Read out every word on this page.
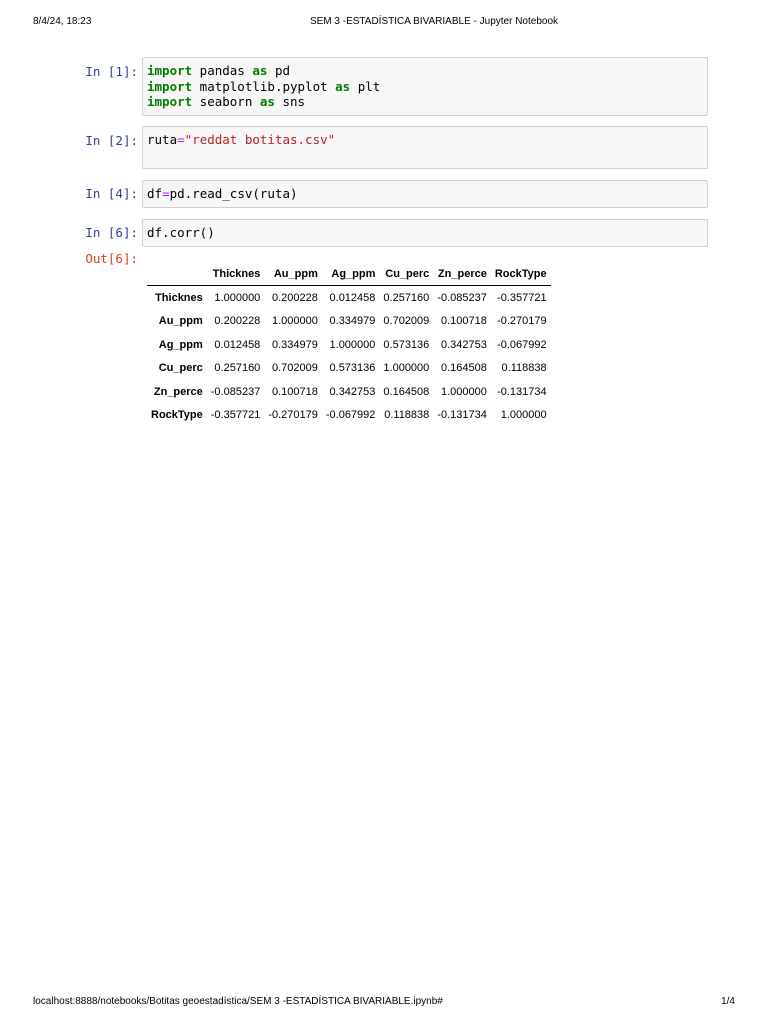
8/4/24, 18:23	SEM 3 -ESTADÍSTICA BIVARIABLE - Jupyter Notebook
In [1]: import pandas as pd
import matplotlib.pyplot as plt
import seaborn as sns
In [2]: ruta="reddat botitas.csv"
In [4]: df=pd.read_csv(ruta)
In [6]: df.corr()
Out[6]:
	Thicknes	Au_ppm	Ag_ppm	Cu_perc	Zn_perce	RockType
Thicknes	1.000000	0.200228	0.012458	0.257160	-0.085237	-0.357721
Au_ppm	0.200228	1.000000	0.334979	0.702009	0.100718	-0.270179
Ag_ppm	0.012458	0.334979	1.000000	0.573136	0.342753	-0.067992
Cu_perc	0.257160	0.702009	0.573136	1.000000	0.164508	0.118838
Zn_perce	-0.085237	0.100718	0.342753	0.164508	1.000000	-0.131734
RockType	-0.357721	-0.270179	-0.067992	0.118838	-0.131734	1.000000
localhost:8888/notebooks/Botitas geoestadística/SEM 3 -ESTADÍSTICA BIVARIABLE.ipynb#	1/4
